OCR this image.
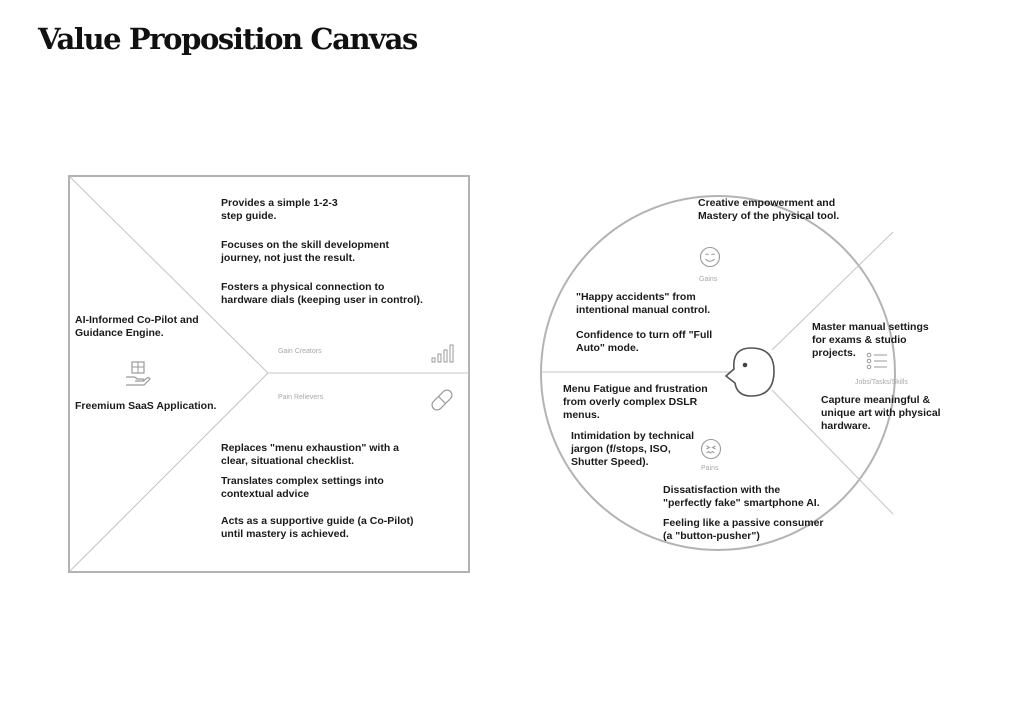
Value Proposition Canvas
AI-Informed Co-Pilot and
Guidance Engine.
Freemium SaaS Application.
Provides a simple 1-2-3
step guide.
Focuses on the skill development
journey, not just the result.
Fosters a physical connection to
hardware dials (keeping user in control).
Gain Creators
Pain Relievers
Replaces "menu exhaustion" with a
clear, situational checklist.
Translates complex settings into
contextual advice
Acts as a supportive guide (a Co-Pilot)
until mastery is achieved.
Creative empowerment and
Mastery of the physical tool.
Gains
"Happy accidents" from
intentional manual control.
Confidence to turn off "Full
Auto" mode.
Master manual settings
for exams & studio
projects.
Jobs/Tasks/Skills
Capture meaningful &
unique art with physical
hardware.
Menu Fatigue and frustration
from overly complex DSLR
menus.
Intimidation by technical
jargon (f/stops, ISO,
Shutter Speed).
Pains
Dissatisfaction with the
"perfectly fake" smartphone AI.
Feeling like a passive consumer
(a "button-pusher")
